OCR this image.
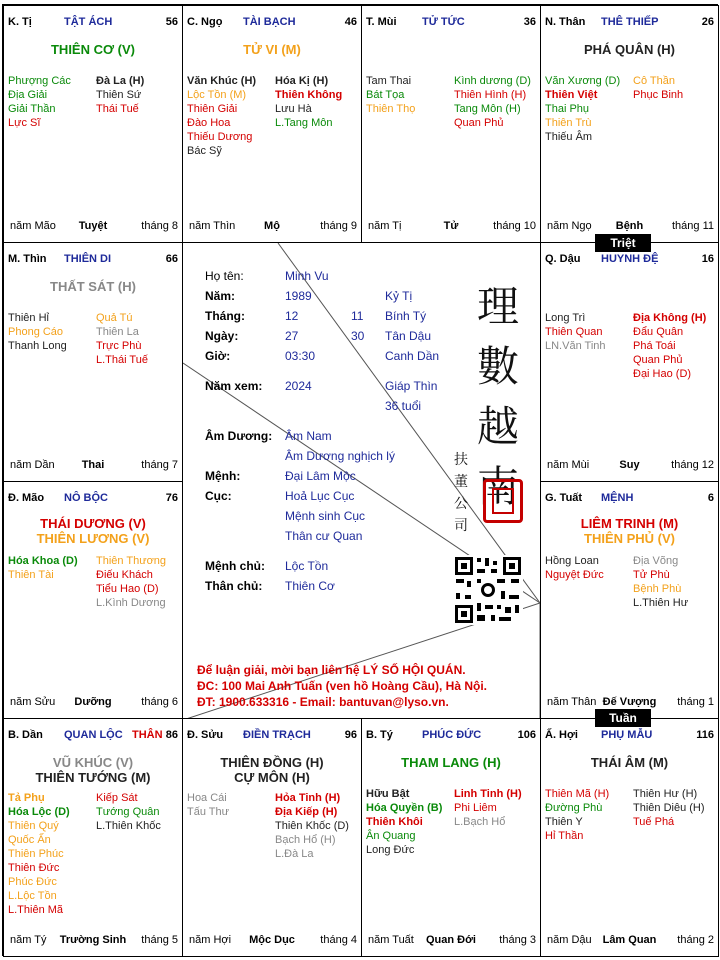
K. Tị	TẬT ÁCH	56
THIÊN CƠ (V)
Phượng Các
Địa Giải
Giải Thần
Lực Sĩ
Đà La (H)
Thiên Sứ
Thái Tuế
năm Mão	Tuyệt	tháng 8
C. Ngọ TÀI BẠCH	46
TỬ VI (M)
Văn Khúc (H)
Lộc Tồn (M)
Thiên Giải
Đào Hoa
Thiếu Dương
Bác Sỹ
Hóa Kị (H)
Thiên Không
Lưu Hà
L.Tang Môn
năm Thìn	Mộ	tháng 9
T. Mùi TỬ TỨC	36
Tam Thai
Bát Tọa
Thiên Thọ
Kình dương (D)
Thiên Hình (H)
Tang Môn (H)
Quan Phủ
năm Tị	Tử	tháng 10
N. Thân THÊ THIẾP	26
PHÁ QUÂN (H)
Văn Xương (D)
Thiên Việt
Thai Phụ
Thiên Trù
Thiếu Âm
Cô Thần
Phục Binh
năm Ngọ	Bệnh	tháng 11
M. Thìn THIÊN DI	66
THẤT SÁT (H)
Thiên Hỉ
Phong Cáo
Thanh Long
Quả Tú
Thiên La
Trực Phù
L.Thái Tuế
năm Dần	Thai	tháng 7
Q. Dậu HUYNH ĐỆ	16
Long Trì
Thiên Quan
LN.Văn Tinh
Địa Không (H)
Đẩu Quân
Phá Toái
Quan Phủ
Đại Hao (D)
năm Mùi	Suy	tháng 12
Đ. Mão NÔ BỘC	76
THÁI DƯƠNG (V)
THIÊN LƯƠNG (V)
Hóa Khoa (D)
Thiên Tài
Thiên Thương
Điếu Khách
Tiểu Hao (D)
L.Kình Dương
năm Sửu	Dưỡng	tháng 6
G. Tuất MỆNH	6
LIÊM TRINH (M)
THIÊN PHỦ (V)
Hồng Loan
Nguyệt Đức
Địa Võng
Tử Phù
Bệnh Phù
L.Thiên Hư
năm Thân Đế Vượng	tháng 1
B. Dần QUAN LỘC THÂN 86
VŨ KHÚC (V)
THIÊN TƯỚNG (M)
Tả Phụ
Hóa Lộc (D)
Thiên Quý
Quốc Ấn
Thiên Phúc
Thiên Đức
Phúc Đức
L.Lộc Tồn
L.Thiên Mã
Kiếp Sát
Tướng Quân
L.Thiên Khốc
năm Tý	Trường Sinh	tháng 5
Đ. Sửu ĐIỀN TRẠCH	96
THIÊN ĐỒNG (H)
CỰ MÔN (H)
Hoa Cái
Tấu Thư
Hỏa Tinh (H)
Địa Kiếp (H)
Thiên Khốc (D)
Bạch Hổ (H)
L.Đà La
năm Hợi	Mộc Dục	tháng 4
B. Tý	PHÚC ĐỨC	106
THAM LANG (H)
Hữu Bật
Hóa Quyền (B)
Thiên Khôi
Ân Quang
Long Đức
Linh Tinh (H)
Phi Liêm
L.Bạch Hổ
năm Tuất	Quan Đới	tháng 3
Ấ. Hợi PHỤ MẪU	116
THÁI ÂM (M)
Thiên Mã (H)
Đường Phù
Thiên Y
Hỉ Thần
Thiên Hư (H)
Thiên Diêu (H)
Tuế Phá
năm Dậu Lâm Quan	tháng 2
Họ tên:	Minh Vu
Năm:	1989	Kỷ Tị
Tháng:	12	11 Bính Tý
Ngày:	27	30 Tân Dậu
Giờ:	03:30	Canh Dần
Năm xem: 2024	Giáp Thìn
36 tuổi
Âm Dương: Âm Nam
Âm Dương nghịch lý
Mệnh:	Đại Lâm Mộc
Cục:	Hoả Lục Cục
Mệnh sinh Cục
Thân cư Quan
Mệnh chủ: Lộc Tồn
Thân chủ: Thiên Cơ
理
數
越
南
扶
董
公
司
Để luận giải, mời bạn liên hệ LÝ SỐ HỘI QUÁN.
ĐC: 100 Mai Anh Tuấn (ven hồ Hoàng Cầu), Hà Nội.
ĐT: 1900.633316 - Email: bantuvan@lyso.vn.
Triệt
Tuần
